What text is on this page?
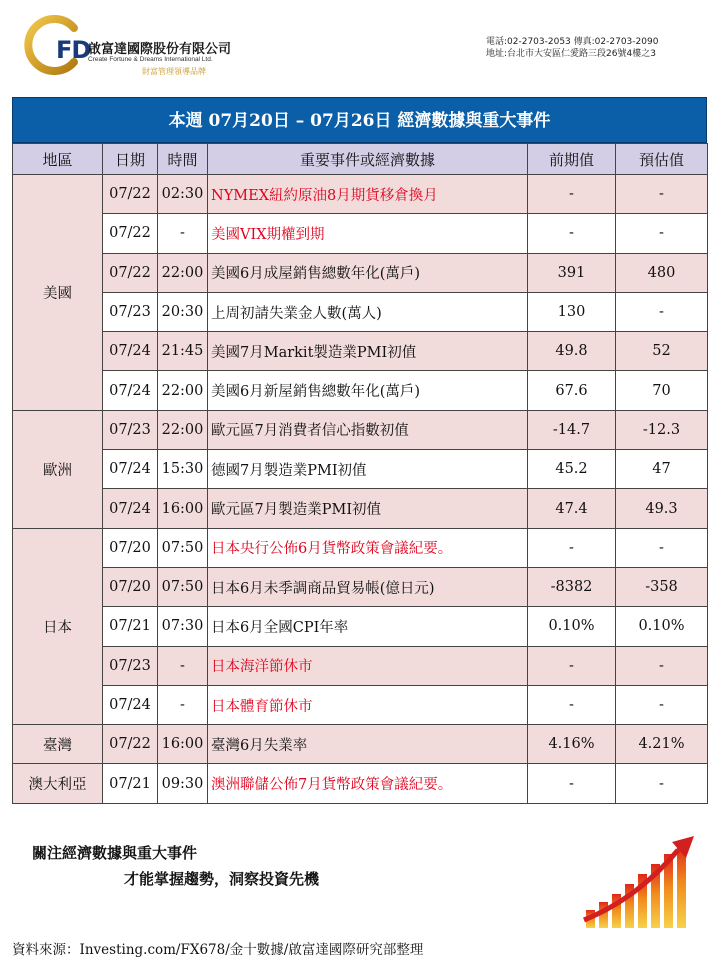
FD
啟富達國際股份有限公司
Create Fortune & Dreams International Ltd.
財富管理領導品牌
電話:02-2703-2053 傳真:02-2703-2090
地址:台北市大安區仁愛路三段26號4樓之3
本週 07月20日 – 07月26日 經濟數據與重大事件
地區	日期	時間	重要事件或經濟數據	前期值	預估值
美國	07/22	02:30	NYMEX紐約原油8月期貨移倉換月	-	-
	07/22	-	美國VIX期權到期	-	-
	07/22	22:00	美國6月成屋銷售總數年化(萬戶)	391	480
	07/23	20:30	上周初請失業金人數(萬人)	130	-
	07/24	21:45	美國7月Markit製造業PMI初值	49.8	52
	07/24	22:00	美國6月新屋銷售總數年化(萬戶)	67.6	70
歐洲	07/23	22:00	歐元區7月消費者信心指數初值	-14.7	-12.3
	07/24	15:30	德國7月製造業PMI初值	45.2	47
	07/24	16:00	歐元區7月製造業PMI初值	47.4	49.3
日本	07/20	07:50	日本央行公佈6月貨幣政策會議紀要。	-	-
	07/20	07:50	日本6月未季調商品貿易帳(億日元)	-8382	-358
	07/21	07:30	日本6月全國CPI年率	0.10%	0.10%
	07/23	-	日本海洋節休市	-	-
	07/24	-	日本體育節休市	-	-
臺灣	07/22	16:00	臺灣6月失業率	4.16%	4.21%
澳大利亞	07/21	09:30	澳洲聯儲公佈7月貨幣政策會議紀要。	-	-
關注經濟數據與重大事件
才能掌握趨勢，洞察投資先機
資料來源：Investing.com/FX678/金十數據/啟富達國際研究部整理
